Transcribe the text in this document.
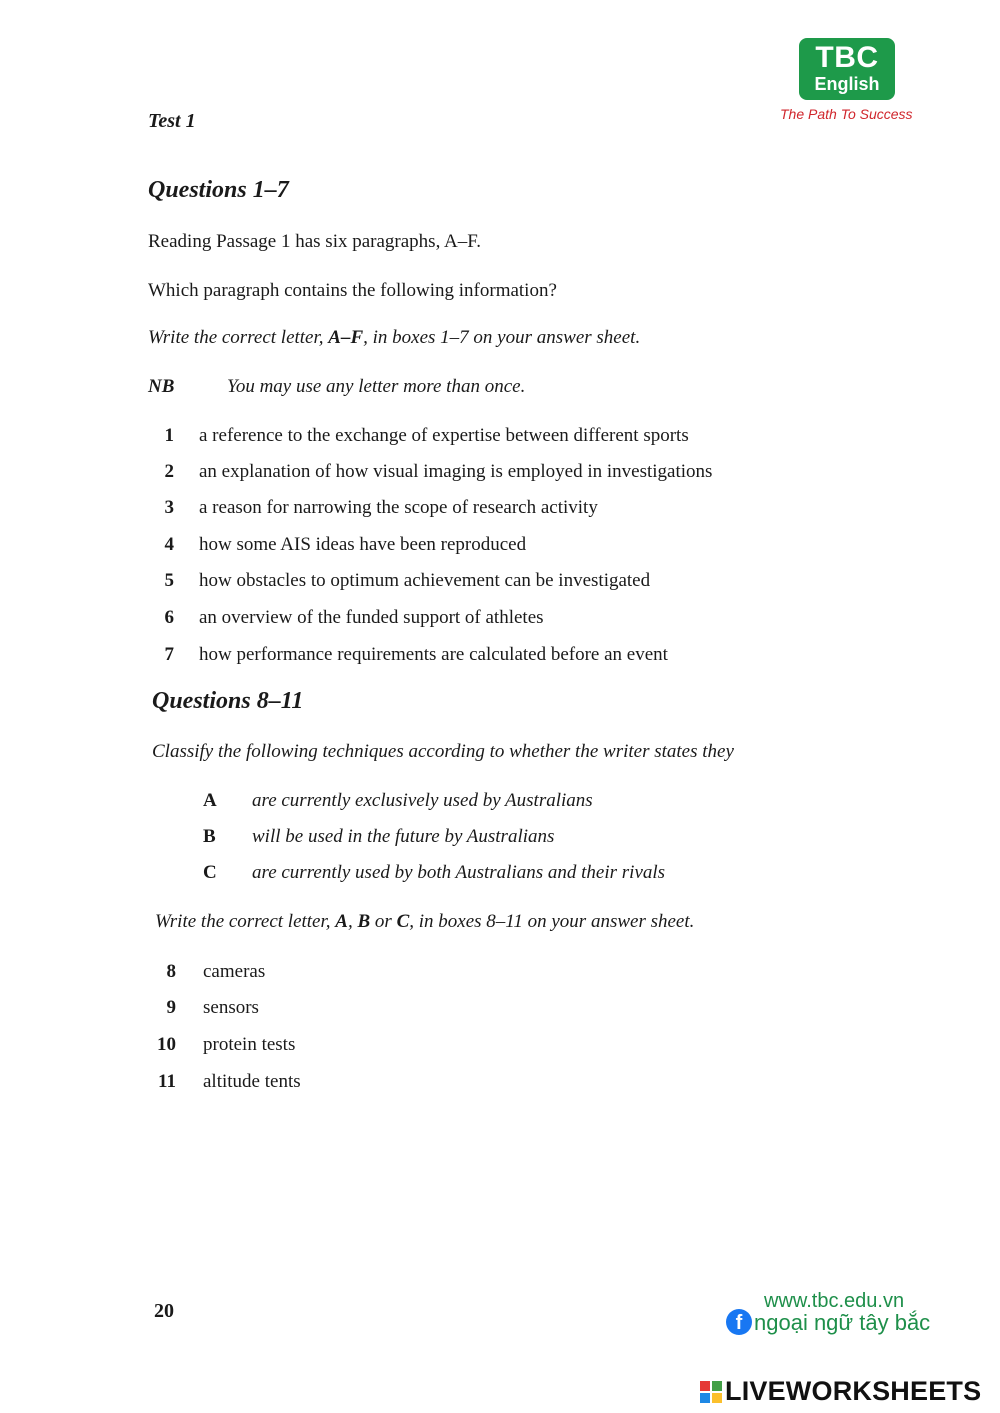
TBC
English
The Path To Success
Test 1
Questions 1–7
Reading Passage 1 has six paragraphs, A–F.
Which paragraph contains the following information?
Write the correct letter, A–F, in boxes 1–7 on your answer sheet.
NB	You may use any letter more than once.
1 a reference to the exchange of expertise between different sports
2 an explanation of how visual imaging is employed in investigations
3 a reason for narrowing the scope of research activity
4 how some AIS ideas have been reproduced
5 how obstacles to optimum achievement can be investigated
6 an overview of the funded support of athletes
7 how performance requirements are calculated before an event
Questions 8–11
Classify the following techniques according to whether the writer states they
A are currently exclusively used by Australians
B will be used in the future by Australians
C are currently used by both Australians and their rivals
Write the correct letter, A, B or C, in boxes 8–11 on your answer sheet.
8 cameras
9 sensors
10 protein tests
11 altitude tents
20	www.tbc.edu.vn
f ngoại ngữ tây bắc
LIVEWORKSHEETS
